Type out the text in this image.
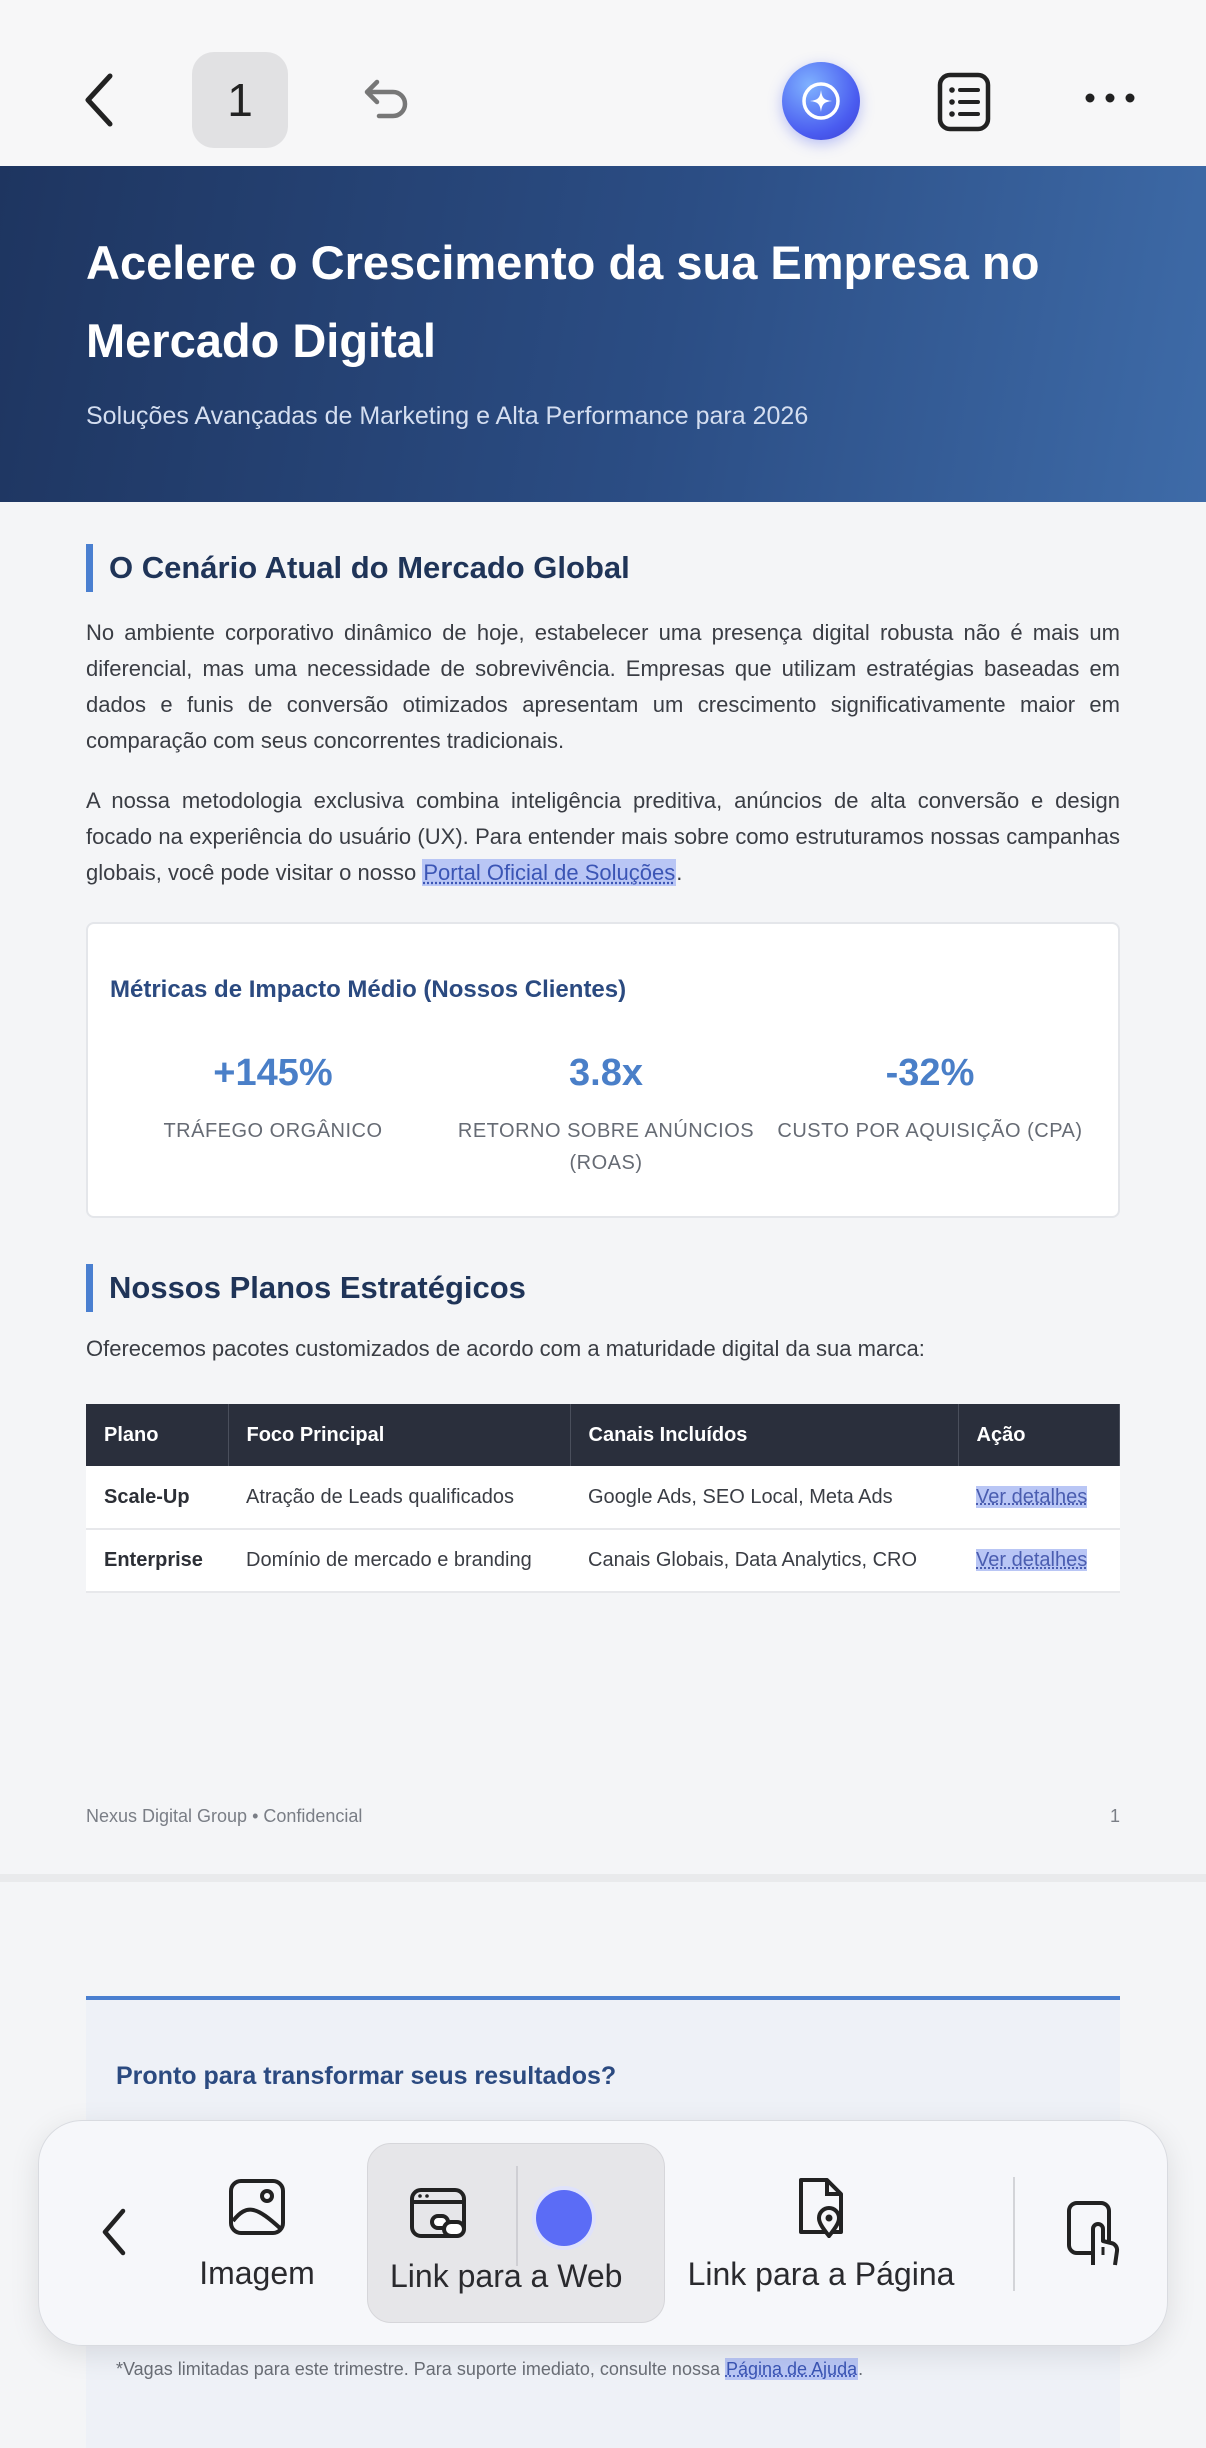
1
Acelere o Crescimento da sua Empresa no Mercado Digital
Soluções Avançadas de Marketing e Alta Performance para 2026
O Cenário Atual do Mercado Global

No ambiente corporativo dinâmico de hoje, estabelecer uma presença digital robusta não é mais um diferencial, mas uma necessidade de sobrevivência. Empresas que utilizam estratégias baseadas em dados e funis de conversão otimizados apresentam um crescimento significativamente maior em comparação com seus concorrentes tradicionais.

A nossa metodologia exclusiva combina inteligência preditiva, anúncios de alta conversão e design focado na experiência do usuário (UX). Para entender mais sobre como estruturamos nossas campanhas globais, você pode visitar o nosso Portal Oficial de Soluções.

Métricas de Impacto Médio (Nossos Clientes)
+145%
TRÁFEGO ORGÂNICO
3.8x
RETORNO SOBRE ANÚNCIOS (ROAS)
-32%
CUSTO POR AQUISIÇÃO (CPA)
Nossos Planos Estratégicos

Oferecemos pacotes customizados de acordo com a maturidade digital da sua marca:

Plano	Foco Principal	Canais Incluídos	Ação
Scale-Up	Atração de Leads qualificados	Google Ads, SEO Local, Meta Ads	Ver detalhes
Enterprise	Domínio de mercado e branding	Canais Globais, Data Analytics, CRO	Ver detalhes
Nexus Digital Group • Confidencial	1
Pronto para transformar seus resultados?
*Vagas limitadas para este trimestre. Para suporte imediato, consulte nossa Página de Ajuda.
Imagem Link para a Web Link para a Página
